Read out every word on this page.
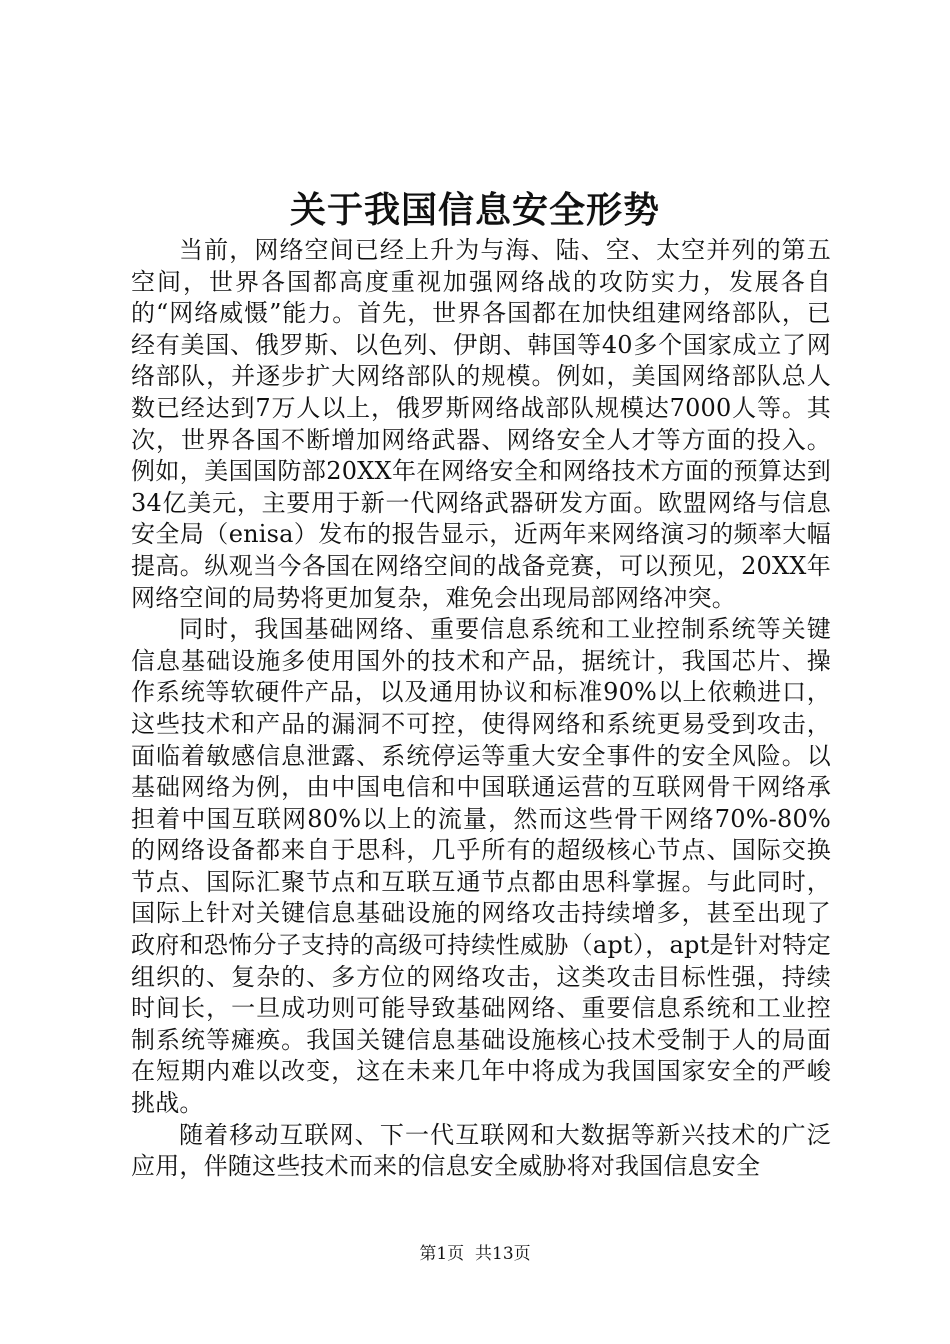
关于我国信息安全形势

当前，网络空间已经上升为与海、陆、空、太空并列的第五空间，世界各国都高度重视加强网络战的攻防实力，发展各自的“网络威慑”能力。首先，世界各国都在加快组建网络部队，已经有美国、俄罗斯、以色列、伊朗、韩国等40多个国家成立了网络部队，并逐步扩大网络部队的规模。例如，美国网络部队总人数已经达到7万人以上，俄罗斯网络战部队规模达7000人等。其次，世界各国不断增加网络武器、网络安全人才等方面的投入。例如，美国国防部20XX年在网络安全和网络技术方面的预算达到34亿美元，主要用于新一代网络武器研发方面。欧盟网络与信息安全局（enisa）发布的报告显示，近两年来网络演习的频率大幅提高。纵观当今各国在网络空间的战备竞赛，可以预见，20XX年网络空间的局势将更加复杂，难免会出现局部网络冲突。

同时，我国基础网络、重要信息系统和工业控制系统等关键信息基础设施多使用国外的技术和产品，据统计，我国芯片、操作系统等软硬件产品，以及通用协议和标准90%以上依赖进口，这些技术和产品的漏洞不可控，使得网络和系统更易受到攻击，面临着敏感信息泄露、系统停运等重大安全事件的安全风险。以基础网络为例，由中国电信和中国联通运营的互联网骨干网络承担着中国互联网80%以上的流量，然而这些骨干网络70%-80%的网络设备都来自于思科，几乎所有的超级核心节点、国际交换节点、国际汇聚节点和互联互通节点都由思科掌握。与此同时，国际上针对关键信息基础设施的网络攻击持续增多，甚至出现了政府和恐怖分子支持的高级可持续性威胁（apt），apt是针对特定组织的、复杂的、多方位的网络攻击，这类攻击目标性强，持续时间长，一旦成功则可能导致基础网络、重要信息系统和工业控制系统等瘫痪。我国关键信息基础设施核心技术受制于人的局面在短期内难以改变，这在未来几年中将成为我国国家安全的严峻挑战。

随着移动互联网、下一代互联网和大数据等新兴技术的广泛应用，伴随这些技术而来的信息安全威胁将对我国信息安全

第1页 共13页
